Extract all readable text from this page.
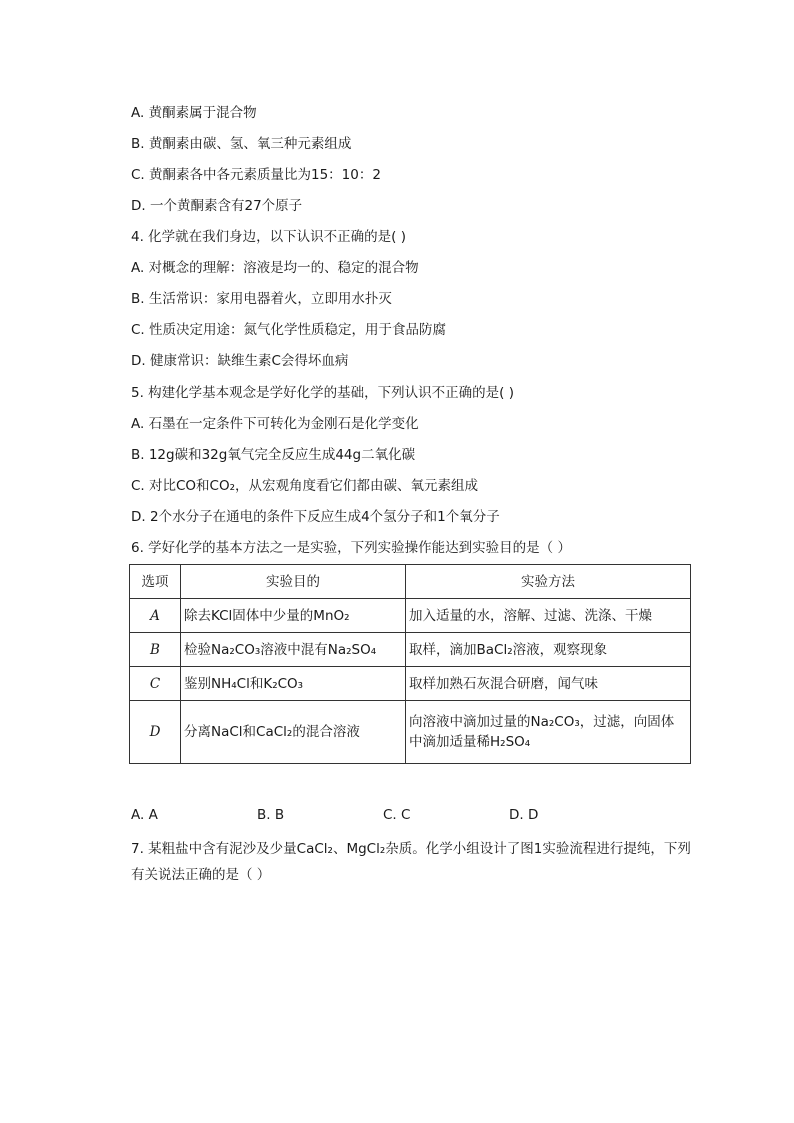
A. 黄酮素属于混合物
B. 黄酮素由碳、氢、氧三种元素组成
C. 黄酮素各中各元素质量比为15：10：2
D. 一个黄酮素含有27个原子
4. 化学就在我们身边，以下认识不正确的是( )
A. 对概念的理解：溶液是均一的、稳定的混合物
B. 生活常识：家用电器着火，立即用水扑灭
C. 性质决定用途：氮气化学性质稳定，用于食品防腐
D. 健康常识：缺维生素C会得坏血病
5. 构建化学基本观念是学好化学的基础，下列认识不正确的是( )
A. 石墨在一定条件下可转化为金刚石是化学变化
B. 12g碳和32g氧气完全反应生成44g二氧化碳
C. 对比CO和CO₂，从宏观角度看它们都由碳、氧元素组成
D. 2个水分子在通电的条件下反应生成4个氢分子和1个氧分子
6. 学好化学的基本方法之一是实验，下列实验操作能达到实验目的是（ ）
选项	实验目的	实验方法
A	除去KCl固体中少量的MnO₂	加入适量的水，溶解、过滤、洗涤、干燥
B	检验Na₂CO₃溶液中混有Na₂SO₄	取样，滴加BaCl₂溶液，观察现象
C	鉴别NH₄Cl和K₂CO₃	取样加熟石灰混合研磨，闻气味
D	分离NaCl和CaCl₂的混合溶液	向溶液中滴加过量的Na₂CO₃，过滤，向固体中滴加适量稀H₂SO₄
A. A	B. B	C. C	D. D
7. 某粗盐中含有泥沙及少量CaCl₂、MgCl₂杂质。化学小组设计了图1实验流程进行提纯，下列有关说法正确的是（ ）
